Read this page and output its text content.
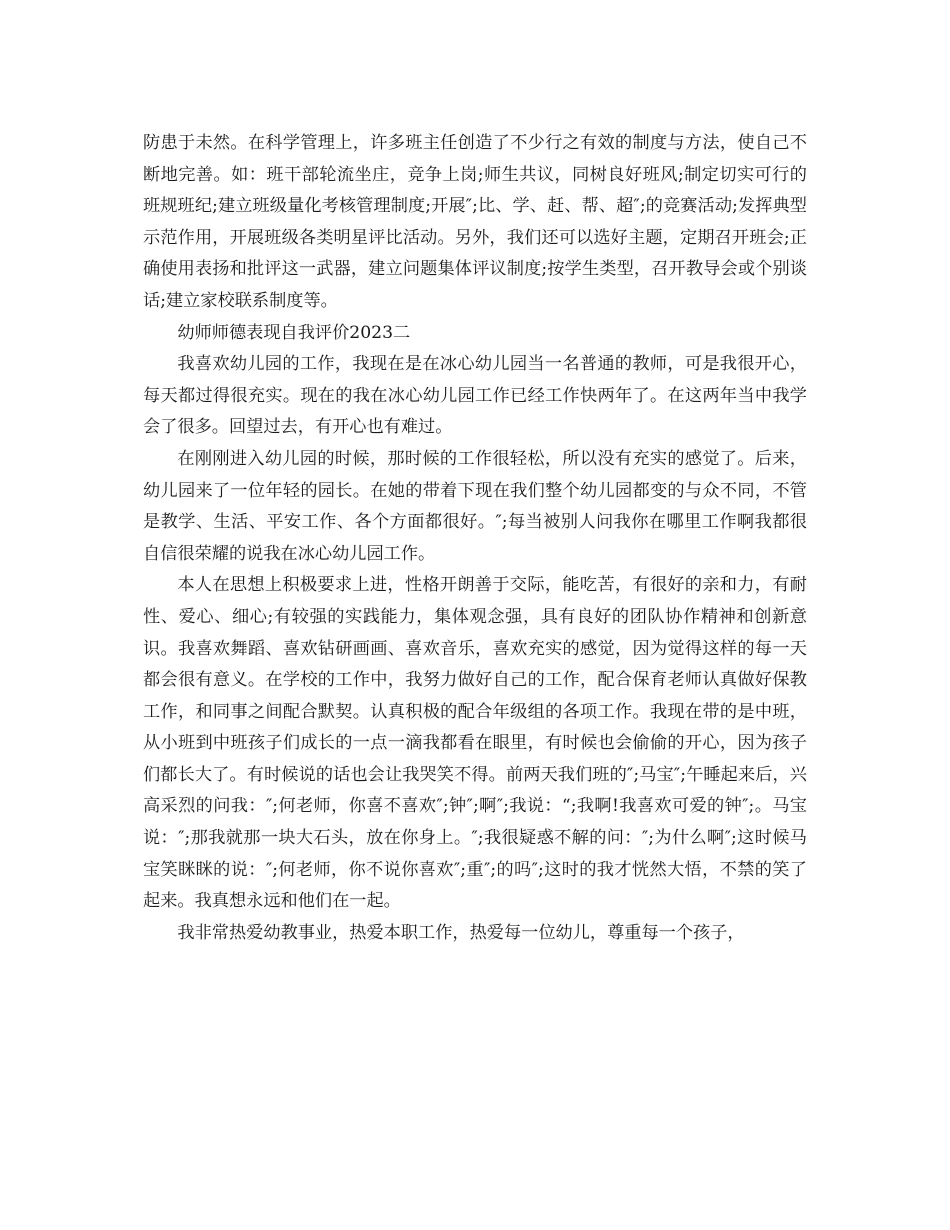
防患于未然。在科学管理上，许多班主任创造了不少行之有效的制度与方法，使自己不断地完善。如：班干部轮流坐庄，竞争上岗;师生共议，同树良好班风;制定切实可行的班规班纪;建立班级量化考核管理制度;开展″;比、学、赶、帮、超″;的竞赛活动;发挥典型示范作用，开展班级各类明星评比活动。另外，我们还可以选好主题，定期召开班会;正确使用表扬和批评这一武器，建立问题集体评议制度;按学生类型，召开教导会或个别谈话;建立家校联系制度等。

幼师师德表现自我评价2023二

我喜欢幼儿园的工作，我现在是在冰心幼儿园当一名普通的教师，可是我很开心，每天都过得很充实。现在的我在冰心幼儿园工作已经工作快两年了。在这两年当中我学会了很多。回望过去，有开心也有难过。

在刚刚进入幼儿园的时候，那时候的工作很轻松，所以没有充实的感觉了。后来，幼儿园来了一位年轻的园长。在她的带着下现在我们整个幼儿园都变的与众不同，不管是教学、生活、平安工作、各个方面都很好。″;每当被别人问我你在哪里工作啊我都很自信很荣耀的说我在冰心幼儿园工作。

本人在思想上积极要求上进，性格开朗善于交际，能吃苦，有很好的亲和力，有耐性、爱心、细心;有较强的实践能力，集体观念强，具有良好的团队协作精神和创新意识。我喜欢舞蹈、喜欢钻研画画、喜欢音乐，喜欢充实的感觉，因为觉得这样的每一天都会很有意义。在学校的工作中，我努力做好自己的工作，配合保育老师认真做好保教工作，和同事之间配合默契。认真积极的配合年级组的各项工作。我现在带的是中班，从小班到中班孩子们成长的一点一滴我都看在眼里，有时候也会偷偷的开心，因为孩子们都长大了。有时候说的话也会让我哭笑不得。前两天我们班的″;马宝″;午睡起来后，兴高采烈的问我：″;何老师，你喜不喜欢″;钟″;啊″;我说：“;我啊!我喜欢可爱的钟″;。马宝说：″;那我就那一块大石头，放在你身上。″;我很疑惑不解的问：″;为什么啊″;这时候马宝笑眯眯的说：″;何老师，你不说你喜欢″;重″;的吗″;这时的我才恍然大悟，不禁的笑了起来。我真想永远和他们在一起。

我非常热爱幼教事业，热爱本职工作，热爱每一位幼儿，尊重每一个孩子，
